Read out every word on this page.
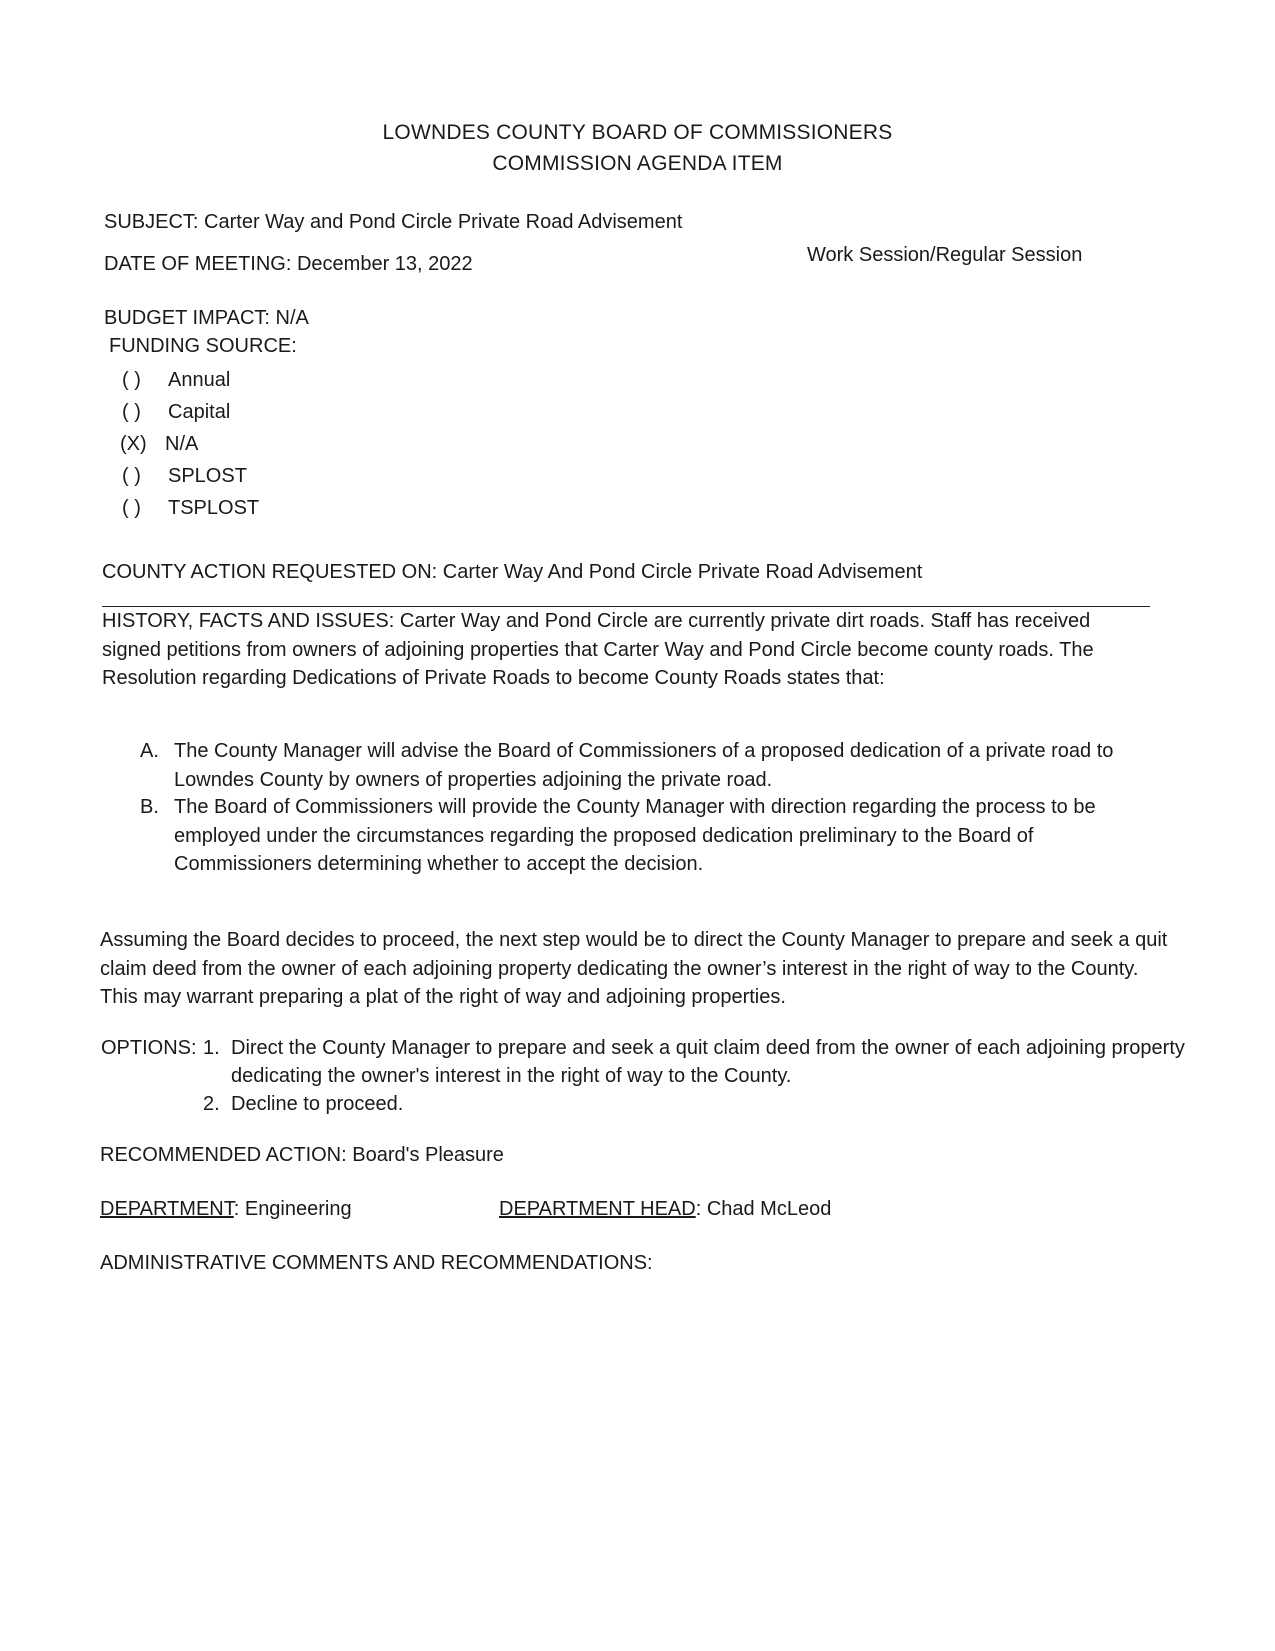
LOWNDES COUNTY BOARD OF COMMISSIONERS
COMMISSION AGENDA ITEM
SUBJECT: Carter Way and Pond Circle Private Road Advisement
DATE OF MEETING: December 13, 2022	Work Session/Regular Session
BUDGET IMPACT: N/A
FUNDING SOURCE:
( ) Annual
( ) Capital
(X) N/A
( ) SPLOST
( ) TSPLOST
COUNTY ACTION REQUESTED ON: Carter Way And Pond Circle Private Road Advisement
HISTORY, FACTS AND ISSUES: Carter Way and Pond Circle are currently private dirt roads. Staff has received signed petitions from owners of adjoining properties that Carter Way and Pond Circle become county roads. The Resolution regarding Dedications of Private Roads to become County Roads states that:
A. The County Manager will advise the Board of Commissioners of a proposed dedication of a private road to Lowndes County by owners of properties adjoining the private road.
B. The Board of Commissioners will provide the County Manager with direction regarding the process to be employed under the circumstances regarding the proposed dedication preliminary to the Board of Commissioners determining whether to accept the decision.
Assuming the Board decides to proceed, the next step would be to direct the County Manager to prepare and seek a quit claim deed from the owner of each adjoining property dedicating the owner’s interest in the right of way to the County. This may warrant preparing a plat of the right of way and adjoining properties.
OPTIONS: 1. Direct the County Manager to prepare and seek a quit claim deed from the owner of each adjoining property dedicating the owner's interest in the right of way to the County.
2. Decline to proceed.
RECOMMENDED ACTION: Board's Pleasure
DEPARTMENT: Engineering	DEPARTMENT HEAD: Chad McLeod
ADMINISTRATIVE COMMENTS AND RECOMMENDATIONS:
